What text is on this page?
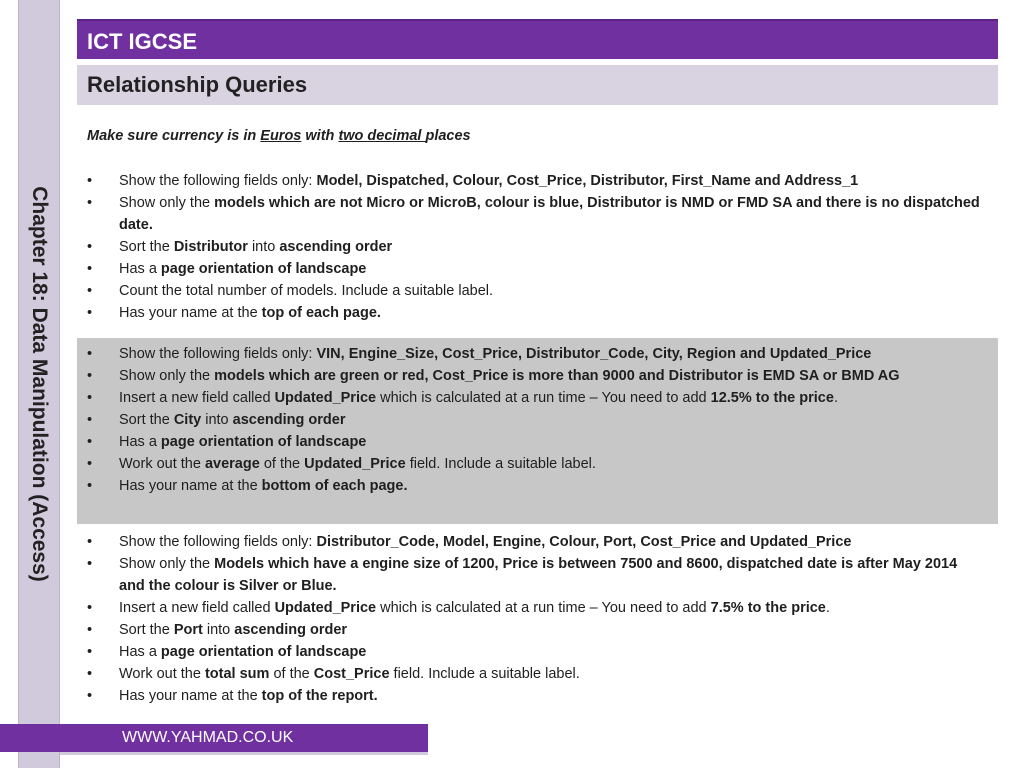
Chapter 18: Data Manipulation (Access)
ICT IGCSE
Relationship Queries
Make sure currency is in Euros with two decimal places
• Show the following fields only: Model, Dispatched, Colour, Cost_Price, Distributor, First_Name and Address_1
• Show only the models which are not Micro or MicroB, colour is blue, Distributor is NMD or FMD SA and there is no dispatched date.
• Sort the Distributor into ascending order
• Has a page orientation of landscape
• Count the total number of models. Include a suitable label.
• Has your name at the top of each page.
• Show the following fields only: VIN, Engine_Size, Cost_Price, Distributor_Code, City, Region and Updated_Price
• Show only the models which are green or red, Cost_Price is more than 9000 and Distributor is EMD SA or BMD AG
• Insert a new field called Updated_Price which is calculated at a run time – You need to add 12.5% to the price.
• Sort the City into ascending order
• Has a page orientation of landscape
• Work out the average of the Updated_Price field. Include a suitable label.
• Has your name at the bottom of each page.
• Show the following fields only: Distributor_Code, Model, Engine, Colour, Port, Cost_Price and Updated_Price
• Show only the Models which have a engine size of 1200, Price is between 7500 and 8600, dispatched date is after May 2014 and the colour is Silver or Blue.
• Insert a new field called Updated_Price which is calculated at a run time – You need to add 7.5% to the price.
• Sort the Port into ascending order
• Has a page orientation of landscape
• Work out the total sum of the Cost_Price field. Include a suitable label.
• Has your name at the top of the report.
WWW.YAHMAD.CO.UK
